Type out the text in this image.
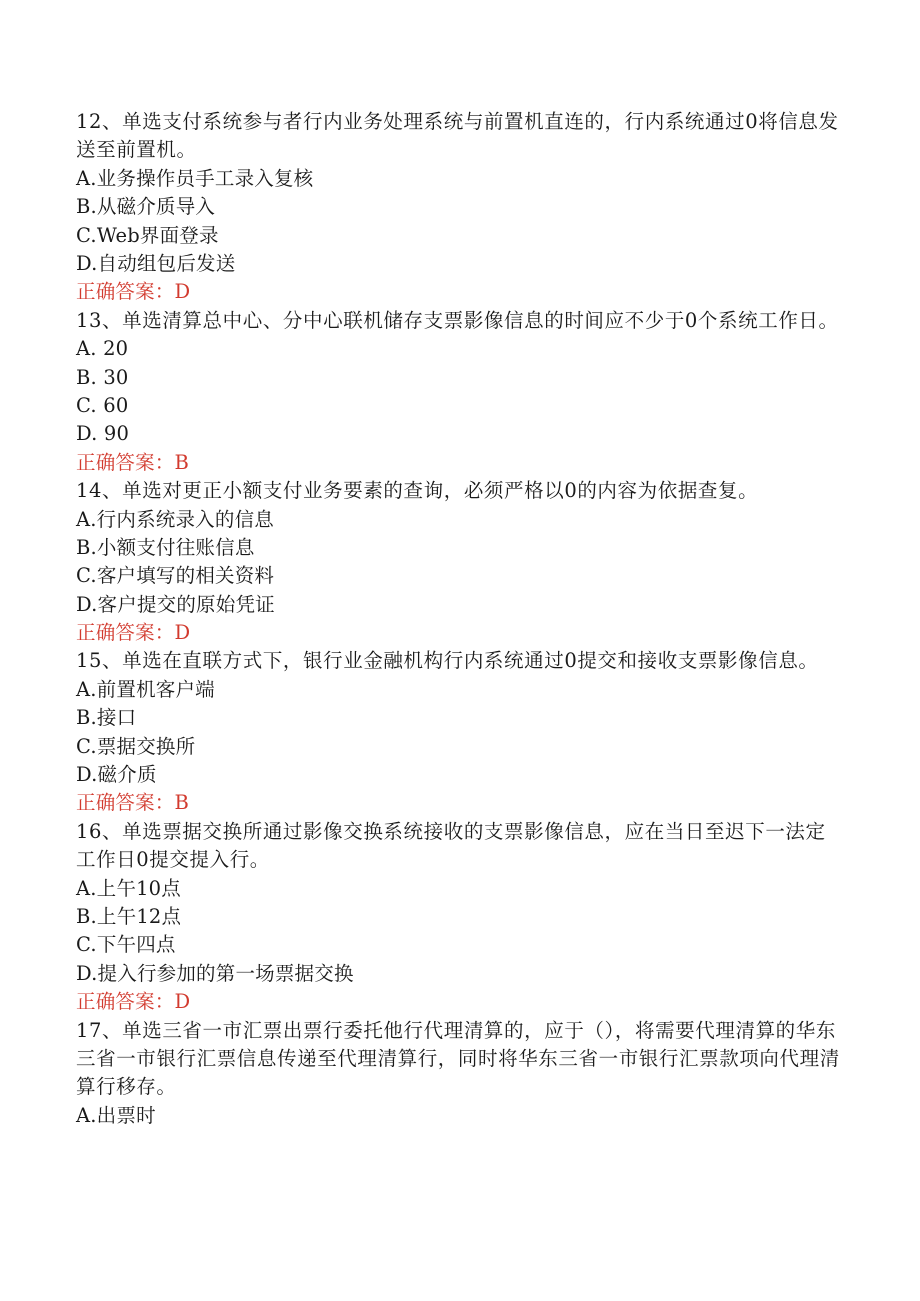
12、单选支付系统参与者行内业务处理系统与前置机直连的，行内系统通过0将信息发送至前置机。
A.业务操作员手工录入复核
B.从磁介质导入
C.Web界面登录
D.自动组包后发送
正确答案：D
13、单选清算总中心、分中心联机储存支票影像信息的时间应不少于0个系统工作日。
A. 20
B. 30
C. 60
D. 90
正确答案：B
14、单选对更正小额支付业务要素的查询，必须严格以0的内容为依据查复。
A.行内系统录入的信息
B.小额支付往账信息
C.客户填写的相关资料
D.客户提交的原始凭证
正确答案：D
15、单选在直联方式下，银行业金融机构行内系统通过0提交和接收支票影像信息。
A.前置机客户端
B.接口
C.票据交换所
D.磁介质
正确答案：B
16、单选票据交换所通过影像交换系统接收的支票影像信息，应在当日至迟下一法定工作日0提交提入行。
A.上午10点
B.上午12点
C.下午四点
D.提入行参加的第一场票据交换
正确答案：D
17、单选三省一市汇票出票行委托他行代理清算的，应于（），将需要代理清算的华东三省一市银行汇票信息传递至代理清算行，同时将华东三省一市银行汇票款项向代理清算行移存。
A.出票时
